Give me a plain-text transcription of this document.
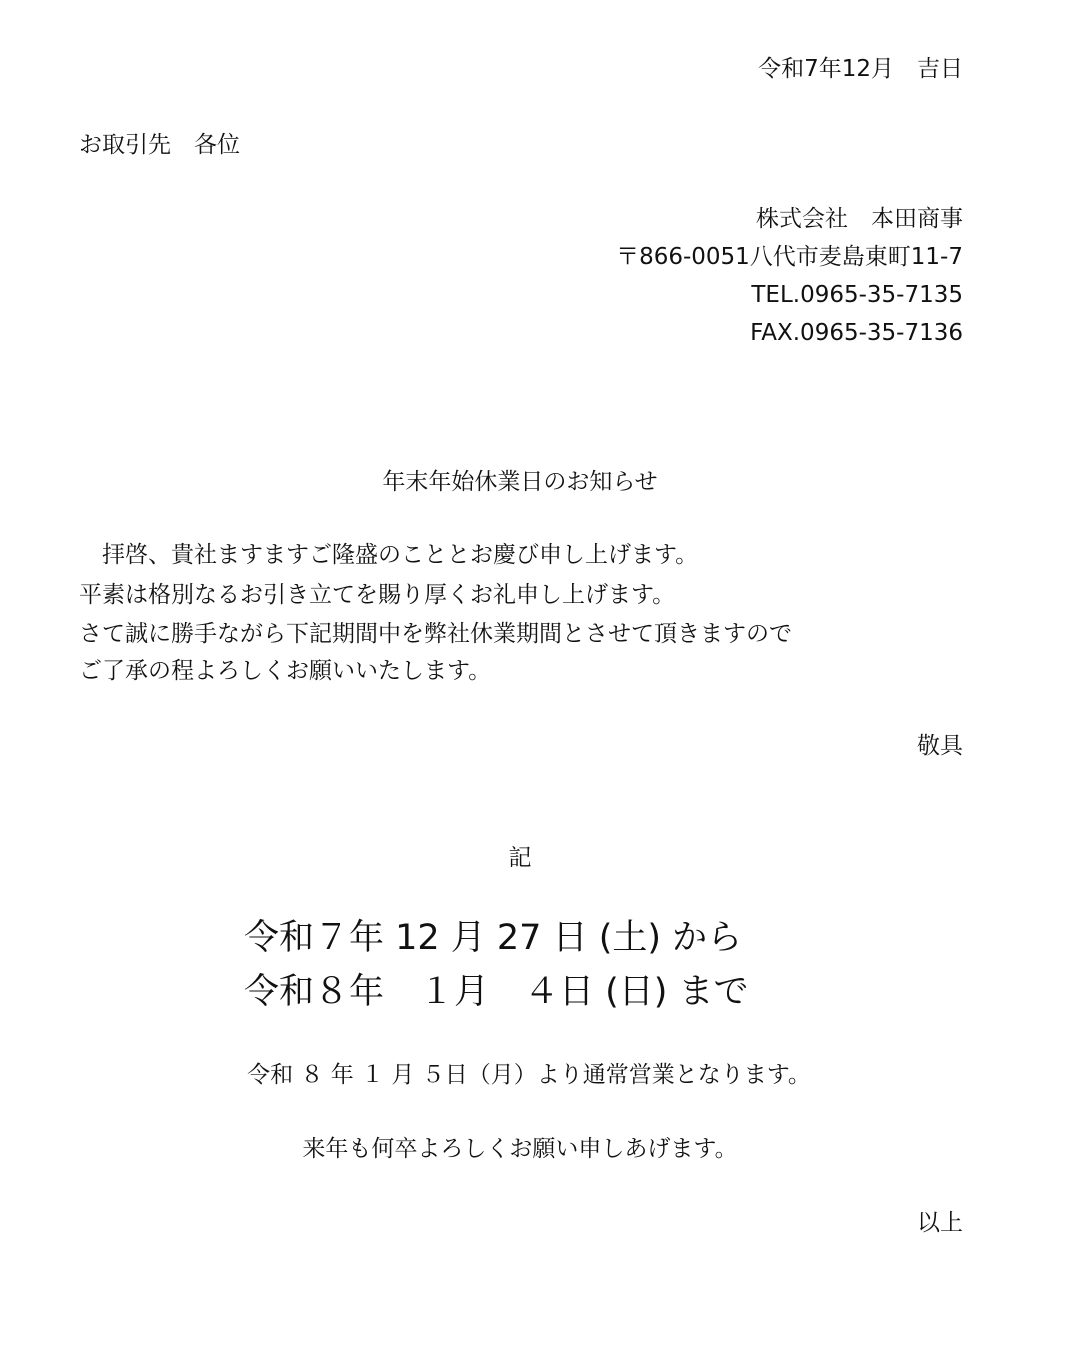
令和7年12月　吉日
お取引先　各位
株式会社　本田商事
〒866-0051八代市麦島東町11-7
TEL.0965-35-7135
FAX.0965-35-7136
年末年始休業日のお知らせ
　拝啓、貴社ますますご隆盛のこととお慶び申し上げます。
平素は格別なるお引き立てを賜り厚くお礼申し上げます。
さて誠に勝手ながら下記期間中を弊社休業期間とさせて頂きますので
ご了承の程よろしくお願いいたします。
敬具
記
令和７年 12 月 27 日 (土) から
令和８年　１月　４日 (日) まで
令和 ８ 年 １ 月 ５日（月）より通常営業となります。
来年も何卒よろしくお願い申しあげます。
以上
